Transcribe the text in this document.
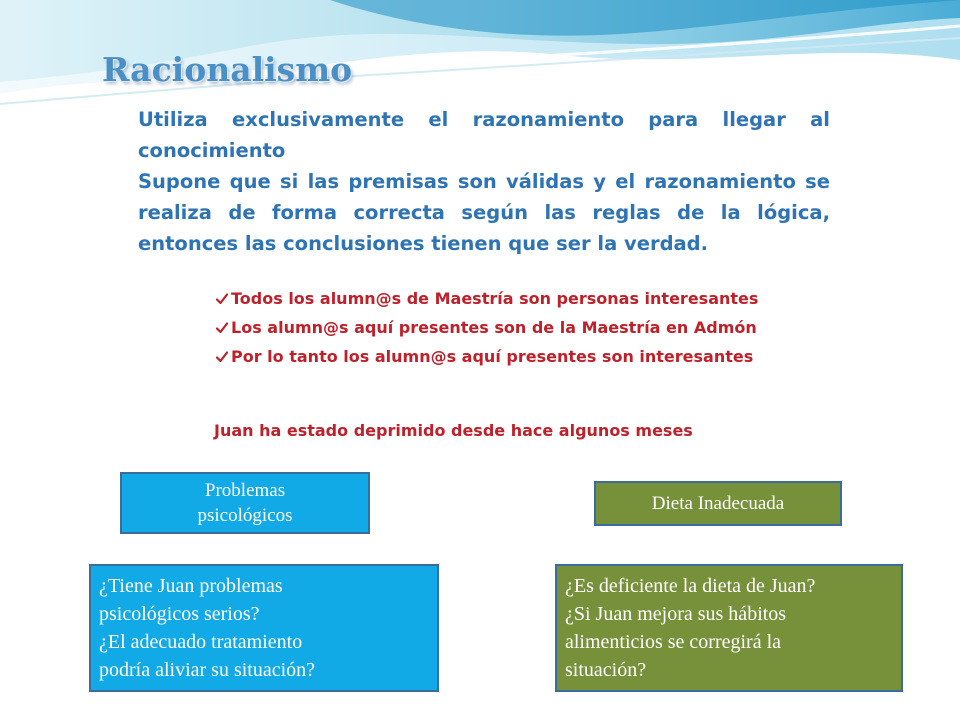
Racionalismo
Utiliza exclusivamente el razonamiento para llegar al
conocimiento
Supone que si las premisas son válidas y el razonamiento se realiza de forma correcta según las reglas de la lógica, entonces las conclusiones tienen que ser la verdad.
Todos los alumn@s de Maestría son personas interesantes
Los alumn@s aquí presentes son de la Maestría en Admón
Por lo tanto los alumn@s aquí presentes son interesantes

Juan ha estado deprimido desde hace algunos meses

Problemas
psicológicos
Dieta Inadecuada
¿Tiene Juan problemas
psicológicos serios?
¿El adecuado tratamiento
podría aliviar su situación?
¿Es deficiente la dieta de Juan?
¿Si Juan mejora sus hábitos
alimenticios se corregirá la
situación?
